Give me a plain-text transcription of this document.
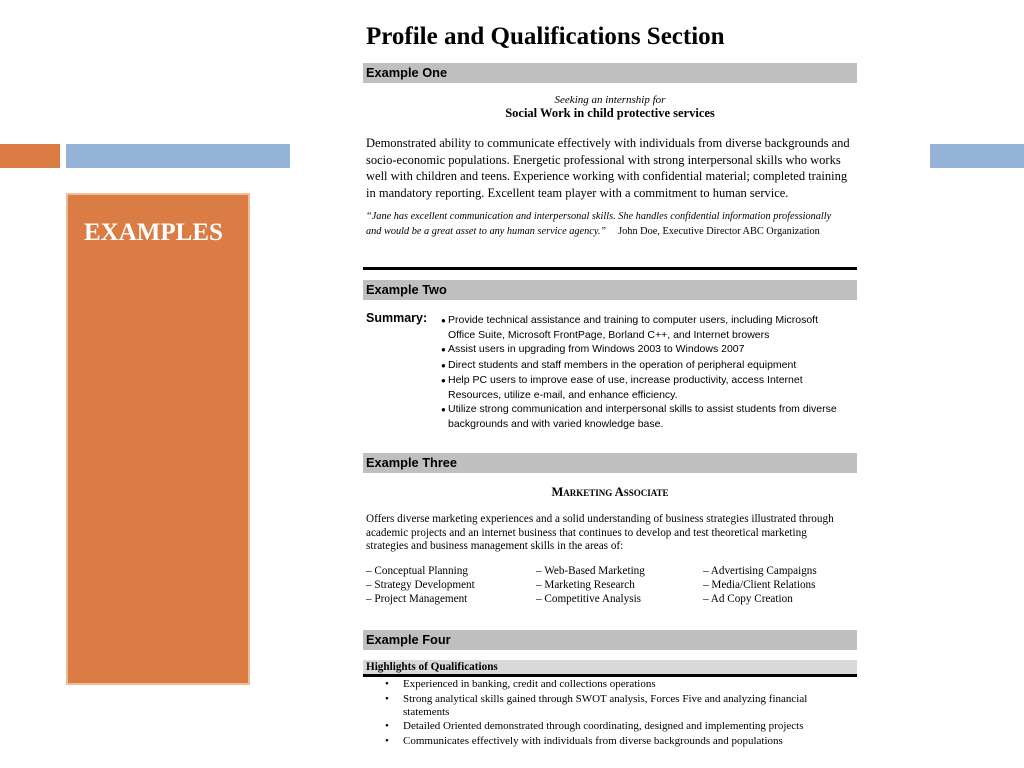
EXAMPLES
Profile and Qualifications Section
Example One
Seeking an internship for
Social Work in child protective services
Demonstrated ability to communicate effectively with individuals from diverse backgrounds and
socio-economic populations. Energetic professional with strong interpersonal skills who works
well with children and teens. Experience working with confidential material; completed training
in mandatory reporting. Excellent team player with a commitment to human service.
“Jane has excellent communication and interpersonal skills. She handles confidential information professionally
and would be a great asset to any human service agency.” John Doe, Executive Director ABC Organization
Example Two
Summary: ● Provide technical assistance and training to computer users, including Microsoft
Office Suite, Microsoft FrontPage, Borland C++, and Internet browers
● Assist users in upgrading from Windows 2003 to Windows 2007
● Direct students and staff members in the operation of peripheral equipment
● Help PC users to improve ease of use, increase productivity, access Internet
Resources, utilize e-mail, and enhance efficiency.
● Utilize strong communication and interpersonal skills to assist students from diverse
backgrounds and with varied knowledge base.
Example Three
Marketing Associate
Offers diverse marketing experiences and a solid understanding of business strategies illustrated through
academic projects and an internet business that continues to develop and test theoretical marketing
strategies and business management skills in the areas of:
– Conceptual Planning
– Strategy Development
– Project Management
– Web-Based Marketing
– Marketing Research
– Competitive Analysis
– Advertising Campaigns
– Media/Client Relations
– Ad Copy Creation
Example Four
Highlights of Qualifications
• Experienced in banking, credit and collections operations
• Strong analytical skills gained through SWOT analysis, Forces Five and analyzing financial
statements
• Detailed Oriented demonstrated through coordinating, designed and implementing projects
• Communicates effectively with individuals from diverse backgrounds and populations
